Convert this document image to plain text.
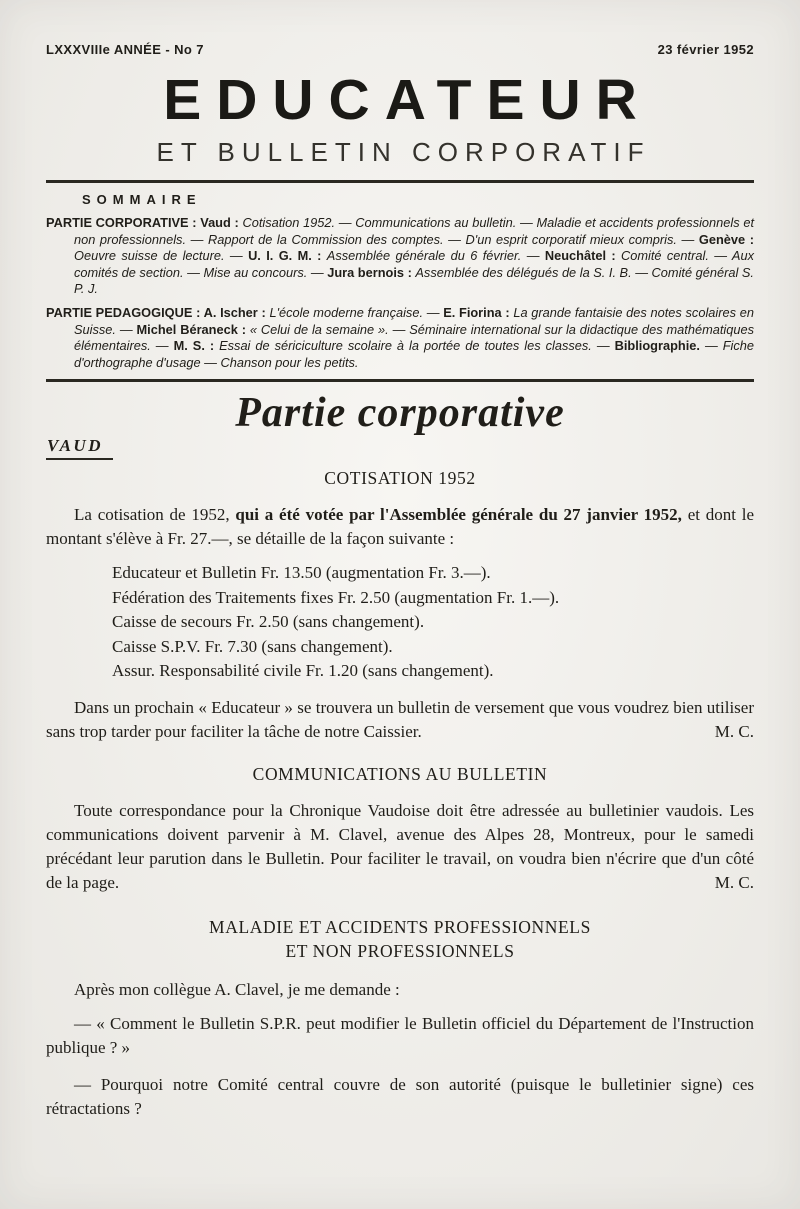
LXXXVIIIe ANNÉE - No 7	23 février 1952
EDUCATEUR
ET BULLETIN CORPORATIF
SOMMAIRE

PARTIE CORPORATIVE : Vaud : Cotisation 1952. — Communications au bulletin. — Maladie et accidents professionnels et non professionnels. — Rapport de la Commission des comptes. — D'un esprit corporatif mieux compris. — Genève : Oeuvre suisse de lecture. — U. I. G. M. : Assemblée générale du 6 février. — Neuchâtel : Comité central. — Aux comités de section. — Mise au concours. — Jura bernois : Assemblée des délégués de la S. I. B. — Comité général S. P. J.

PARTIE PEDAGOGIQUE : A. Ischer : L'école moderne française. — E. Fiorina : La grande fantaisie des notes scolaires en Suisse. — Michel Béraneck : « Celui de la semaine ». — Séminaire international sur la didactique des mathématiques élémentaires. — M. S. : Essai de sériciculture scolaire à la portée de toutes les classes. — Bibliographie. — Fiche d'orthographe d'usage — Chanson pour les petits.

Partie corporative
VAUD
COTISATION 1952

La cotisation de 1952, qui a été votée par l'Assemblée générale du 27 janvier 1952, et dont le montant s'élève à Fr. 27.—, se détaille de la façon suivante :

Educateur et Bulletin Fr. 13.50 (augmentation Fr. 3.—).
Fédération des Traitements fixes Fr. 2.50 (augmentation Fr. 1.—).
Caisse de secours Fr. 2.50 (sans changement).
Caisse S.P.V. Fr. 7.30 (sans changement).
Assur. Responsabilité civile Fr. 1.20 (sans changement).

Dans un prochain « Educateur » se trouvera un bulletin de versement que vous voudrez bien utiliser sans trop tarder pour faciliter la tâche de notre Caissier.	M. C.

COMMUNICATIONS AU BULLETIN

Toute correspondance pour la Chronique Vaudoise doit être adressée au bulletinier vaudois. Les communications doivent parvenir à M. Clavel, avenue des Alpes 28, Montreux, pour le samedi précédant leur parution dans le Bulletin. Pour faciliter le travail, on voudra bien n'écrire que d'un côté de la page.	M. C.

MALADIE ET ACCIDENTS PROFESSIONNELS
ET NON PROFESSIONNELS

Après mon collègue A. Clavel, je me demande :

— « Comment le Bulletin S.P.R. peut modifier le Bulletin officiel du Département de l'Instruction publique ? »

— Pourquoi notre Comité central couvre de son autorité (puisque le bulletinier signe) ces rétractations ?
